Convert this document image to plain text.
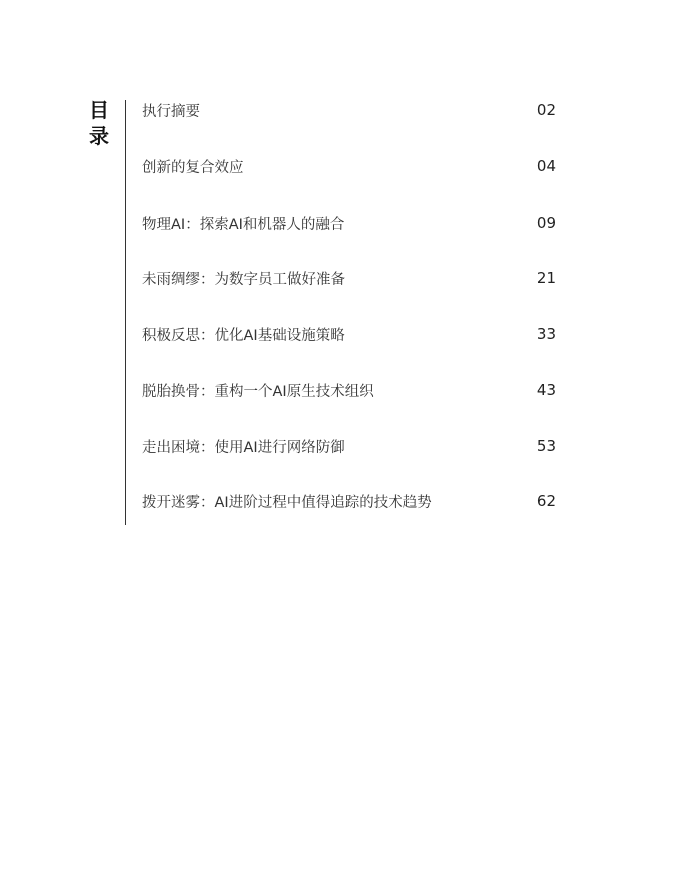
目
录
执行摘要	02
创新的复合效应	04
物理AI：探索AI和机器人的融合	09
未雨绸缪：为数字员工做好准备	21
积极反思：优化AI基础设施策略	33
脱胎换骨：重构一个AI原生技术组织	43
走出困境：使用AI进行网络防御	53
拨开迷雾：AI进阶过程中值得追踪的技术趋势	62
